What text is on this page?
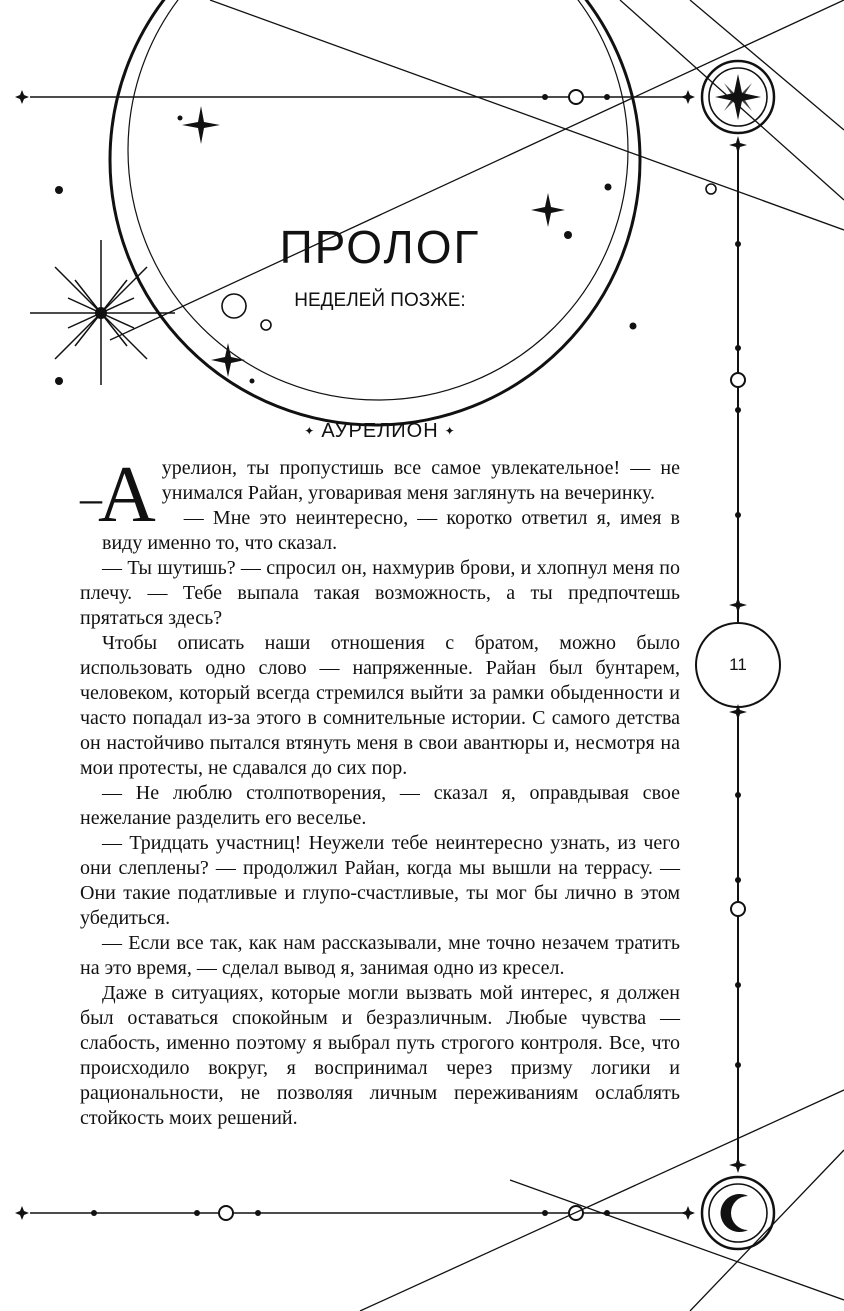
ПРОЛОГ
НЕДЕЛЕЙ ПОЗЖЕ:
✦ АУРЕЛИОН ✦
11

–
А урелион, ты пропустишь все самое увлекательное! — не унимался Райан, уговаривая меня заглянуть на вечеринку.

— Мне это неинтересно, — коротко ответил я, имея в виду именно то, что сказал.

— Ты шутишь? — спросил он, нахмурив брови, и хлопнул меня по плечу. — Тебе выпала такая возможность, а ты предпочтешь прятаться здесь?

Чтобы описать наши отношения с братом, можно было использовать одно слово — напряженные. Райан был бунтарем, человеком, который всегда стремился выйти за рамки обыденности и часто попадал из-за этого в сомнительные истории. С самого детства он настойчиво пытался втянуть меня в свои авантюры и, несмотря на мои протесты, не сдавался до сих пор.

— Не люблю столпотворения, — сказал я, оправдывая свое нежелание разделить его веселье.

— Тридцать участниц! Неужели тебе неинтересно узнать, из чего они слеплены? — продолжил Райан, когда мы вышли на террасу. — Они такие податливые и глупо-счастливые, ты мог бы лично в этом убедиться.

— Если все так, как нам рассказывали, мне точно незачем тратить на это время, — сделал вывод я, занимая одно из кресел.

Даже в ситуациях, которые могли вызвать мой интерес, я должен был оставаться спокойным и безразличным. Любые чувства — слабость, именно поэтому я выбрал путь строгого контроля. Все, что происходило вокруг, я воспринимал через призму логики и рациональности, не позволяя личным переживаниям ослаблять стойкость моих решений.
